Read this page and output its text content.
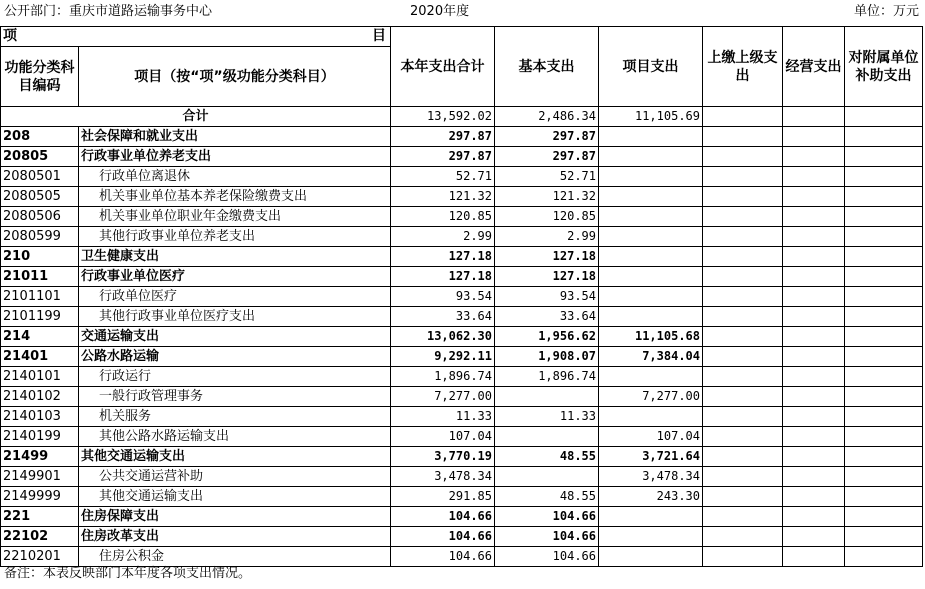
公开部门：重庆市道路运输事务中心	2020年度	单位：万元
项 目		本年支出合计	基本支出	项目支出	上缴上级支出	经营支出	对附属单位补助支出
功能分类科目编码	项目（按“项”级功能分类科目）						
合计		13,592.02	2,486.34	11,105.69			
208	社会保障和就业支出	297.87	297.87				
20805	行政事业单位养老支出	297.87	297.87				
2080501	行政单位离退休	52.71	52.71				
2080505	机关事业单位基本养老保险缴费支出	121.32	121.32				
2080506	机关事业单位职业年金缴费支出	120.85	120.85				
2080599	其他行政事业单位养老支出	2.99	2.99				
210	卫生健康支出	127.18	127.18				
21011	行政事业单位医疗	127.18	127.18				
2101101	行政单位医疗	93.54	93.54				
2101199	其他行政事业单位医疗支出	33.64	33.64				
214	交通运输支出	13,062.30	1,956.62	11,105.68			
21401	公路水路运输	9,292.11	1,908.07	7,384.04			
2140101	行政运行	1,896.74	1,896.74				
2140102	一般行政管理事务	7,277.00		7,277.00			
2140103	机关服务	11.33	11.33				
2140199	其他公路水路运输支出	107.04		107.04			
21499	其他交通运输支出	3,770.19	48.55	3,721.64			
2149901	公共交通运营补助	3,478.34		3,478.34			
2149999	其他交通运输支出	291.85	48.55	243.30			
221	住房保障支出	104.66	104.66				
22102	住房改革支出	104.66	104.66				
2210201	住房公积金	104.66	104.66				
备注：本表反映部门本年度各项支出情况。
